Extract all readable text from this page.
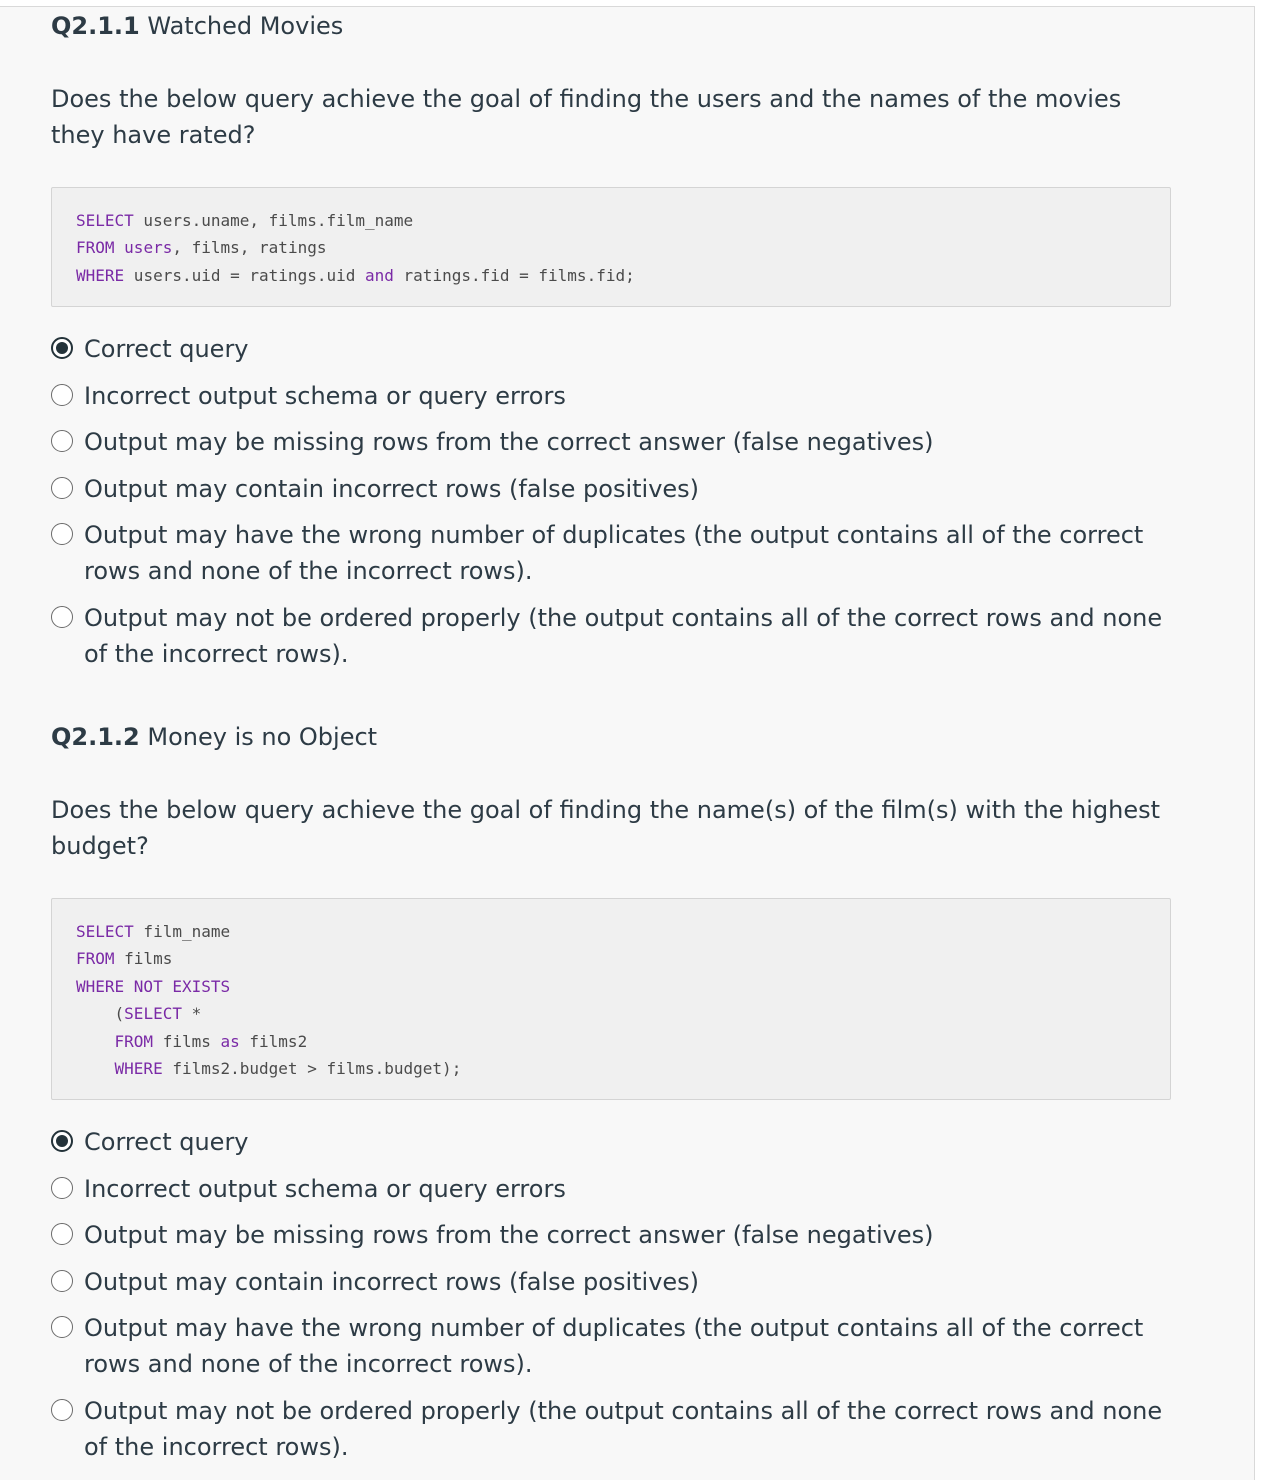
Q2.1.1 Watched Movies

Does the below query achieve the goal of finding the users and the names of the movies they have rated?

SELECT users.uname, films.film_name
FROM users, films, ratings
WHERE users.uid = ratings.uid and ratings.fid = films.fid;
Correct query
Incorrect output schema or query errors
Output may be missing rows from the correct answer (false negatives)
Output may contain incorrect rows (false positives)
Output may have the wrong number of duplicates (the output contains all of the correct rows and none of the incorrect rows).
Output may not be ordered properly (the output contains all of the correct rows and none of the incorrect rows).
Q2.1.2 Money is no Object

Does the below query achieve the goal of finding the name(s) of the film(s) with the highest budget?

SELECT film_name
FROM films
WHERE NOT EXISTS
(SELECT *
FROM films as films2
WHERE films2.budget > films.budget);
Correct query
Incorrect output schema or query errors
Output may be missing rows from the correct answer (false negatives)
Output may contain incorrect rows (false positives)
Output may have the wrong number of duplicates (the output contains all of the correct rows and none of the incorrect rows).
Output may not be ordered properly (the output contains all of the correct rows and none of the incorrect rows).
